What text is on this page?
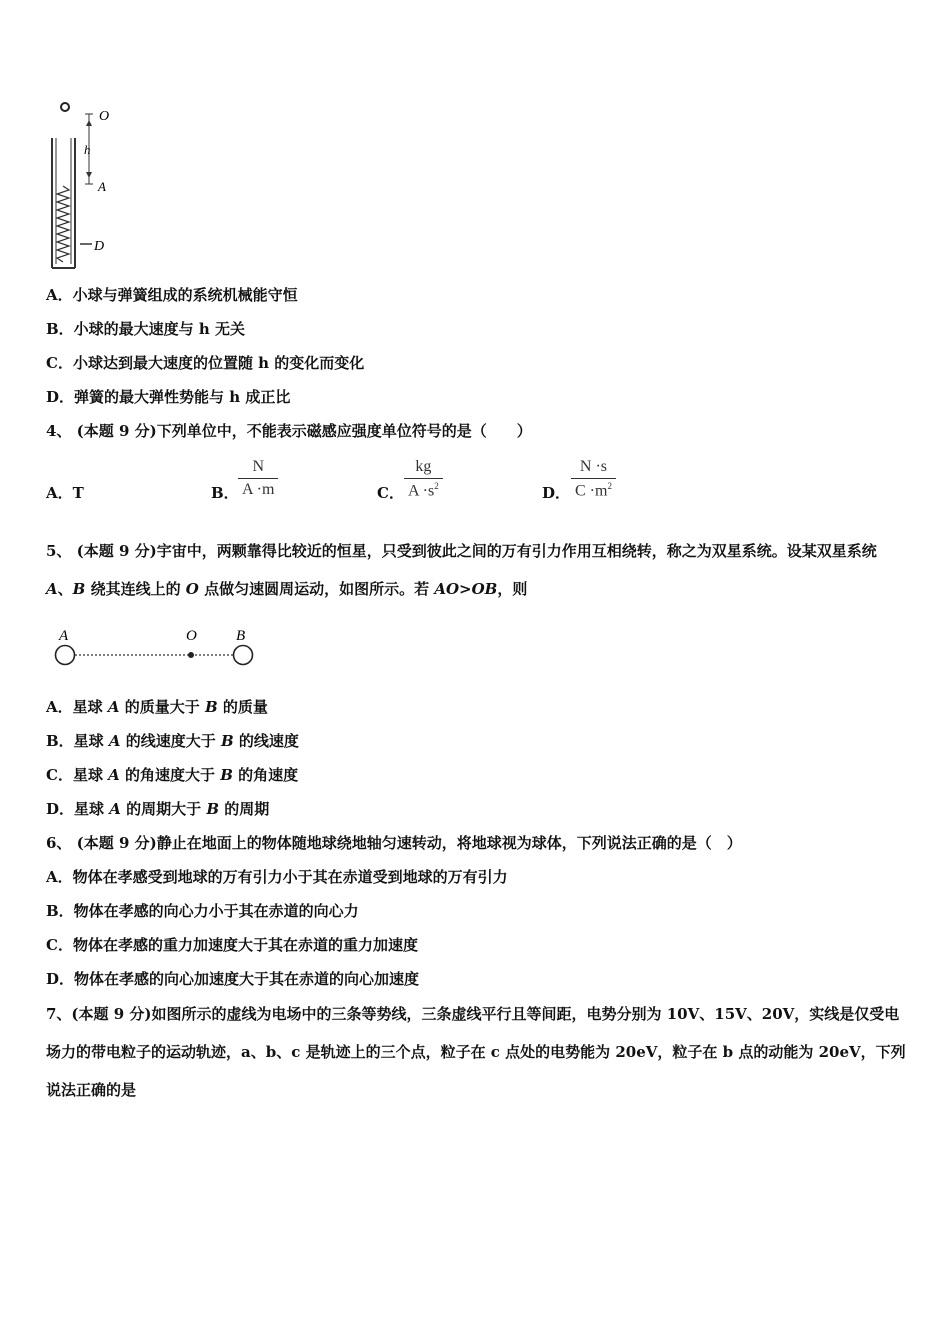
O
h
A
D
A．小球与弹簧组成的系统机械能守恒
B．小球的最大速度与 h 无关
C．小球达到最大速度的位置随 h 的变化而变化
D．弹簧的最大弹性势能与 h 成正比
4、 (本题 9 分)下列单位中，不能表示磁感应强度单位符号的是（　　）
A．T	B．
N
A ·m	C．
kg
$A \cdot s^2$	D．
N ·s
$C \cdot m^2$
5、 (本题 9 分)宇宙中，两颗靠得比较近的恒星，只受到彼此之间的万有引力作用互相绕转，称之为双星系统。设某双星系统 A、B 绕其连线上的 O 点做匀速圆周运动，如图所示。若 AO>OB，则
A	O	B
A．星球 A 的质量大于 B 的质量
B．星球 A 的线速度大于 B 的线速度
C．星球 A 的角速度大于 B 的角速度
D．星球 A 的周期大于 B 的周期
6、 (本题 9 分)静止在地面上的物体随地球绕地轴匀速转动，将地球视为球体，下列说法正确的是（　）
A．物体在孝感受到地球的万有引力小于其在赤道受到地球的万有引力
B．物体在孝感的向心力小于其在赤道的向心力
C．物体在孝感的重力加速度大于其在赤道的重力加速度
D．物体在孝感的向心加速度大于其在赤道的向心加速度
7、(本题 9 分)如图所示的虚线为电场中的三条等势线，三条虚线平行且等间距，电势分别为 10V、15V、20V，实线是仅受电场力的带电粒子的运动轨迹，a、b、c 是轨迹上的三个点，粒子在 c 点处的电势能为 20eV，粒子在 b 点的动能为 20eV，下列说法正确的是
